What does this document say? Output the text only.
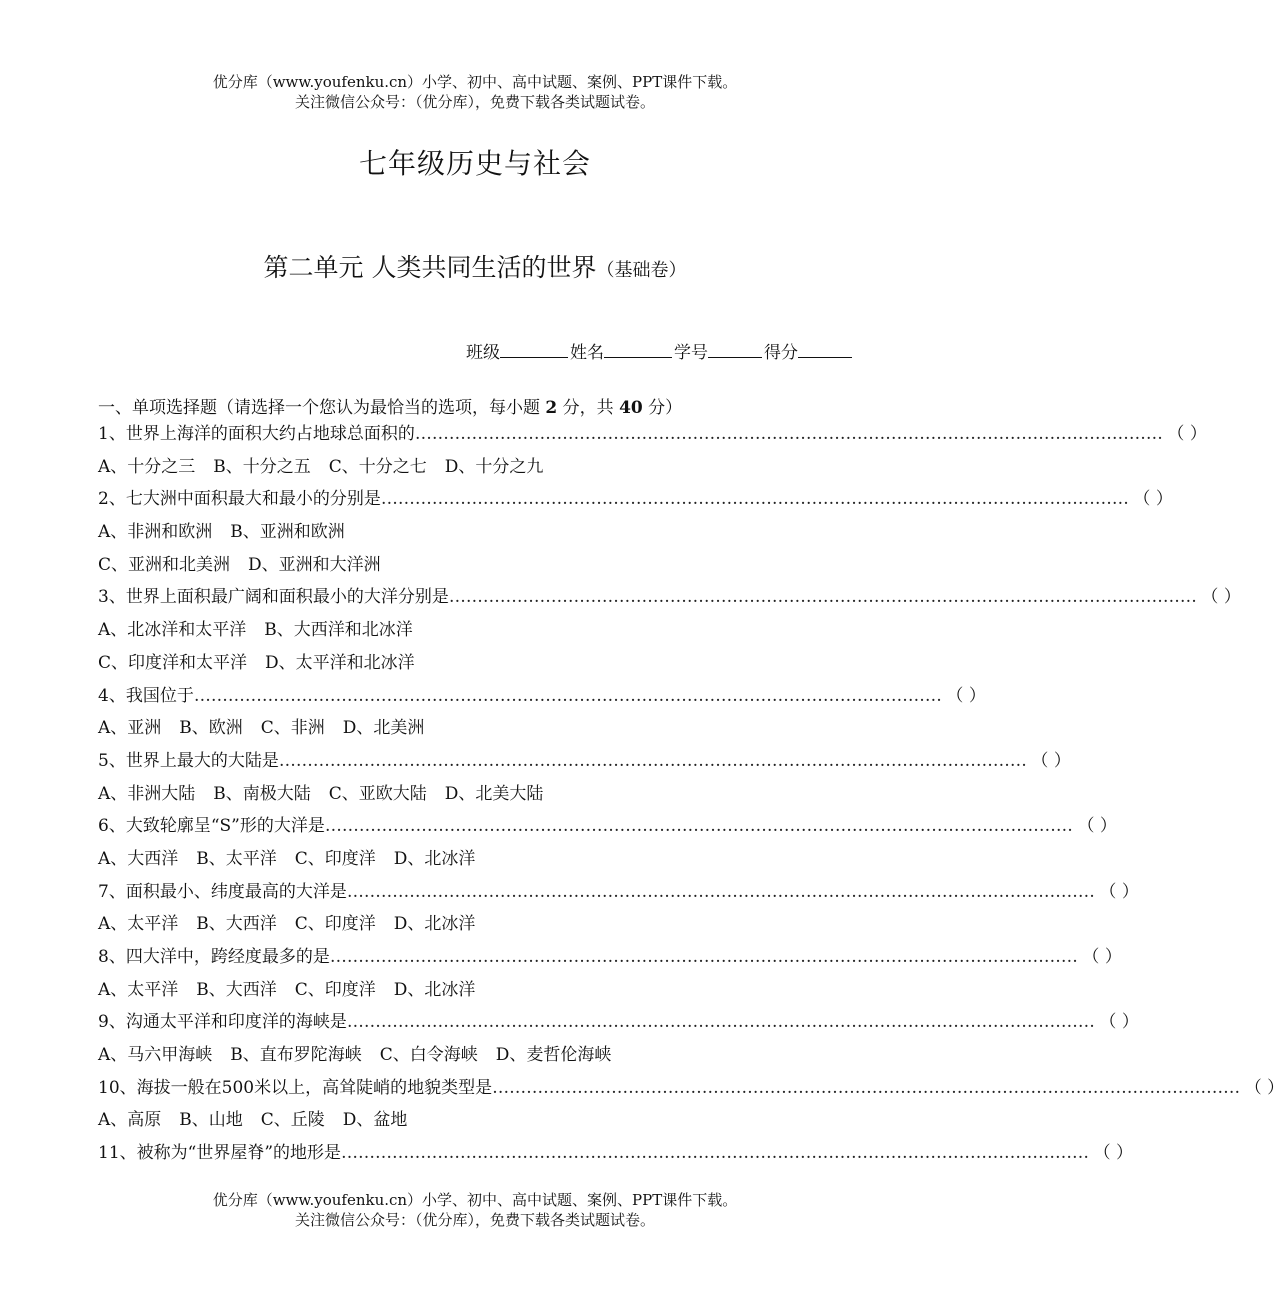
优分库（www.youfenku.cn）小学、初中、高中试题、案例、PPT课件下载。
关注微信公众号：（优分库），免费下载各类试题试卷。
七年级历史与社会
第二单元 人类共同生活的世界（基础卷）
班级	姓名	学号	得分
一、单项选择题（请选择一个您认为最恰当的选项，每小题 2 分，共 40 分）
1、世界上海洋的面积大约占地球总面积的 …………………………………………………………………………………………………………………… （ ）
A、十分之三 B、十分之五 C、十分之七 D、十分之九
2、七大洲中面积最大和最小的分别是 …………………………………………………………………………………………………………………… （ ）
A、非洲和欧洲 B、亚洲和欧洲
C、亚洲和北美洲 D、亚洲和大洋洲
3、世界上面积最广阔和面积最小的大洋分别是 …………………………………………………………………………………………………………………… （ ）
A、北冰洋和太平洋 B、大西洋和北冰洋
C、印度洋和太平洋 D、太平洋和北冰洋
4、我国位于 …………………………………………………………………………………………………………………… （ ）
A、亚洲 B、欧洲 C、非洲 D、北美洲
5、世界上最大的大陆是 …………………………………………………………………………………………………………………… （ ）
A、非洲大陆 B、南极大陆 C、亚欧大陆 D、北美大陆
6、大致轮廓呈“S”形的大洋是 …………………………………………………………………………………………………………………… （ ）
A、大西洋 B、太平洋 C、印度洋 D、北冰洋
7、面积最小、纬度最高的大洋是 …………………………………………………………………………………………………………………… （ ）
A、太平洋 B、大西洋 C、印度洋 D、北冰洋
8、四大洋中，跨经度最多的是 …………………………………………………………………………………………………………………… （ ）
A、太平洋 B、大西洋 C、印度洋 D、北冰洋
9、沟通太平洋和印度洋的海峡是 …………………………………………………………………………………………………………………… （ ）
A、马六甲海峡 B、直布罗陀海峡 C、白令海峡 D、麦哲伦海峡
10、海拔一般在500米以上，高耸陡峭的地貌类型是 …………………………………………………………………………………………………………………… （ ）
A、高原 B、山地 C、丘陵 D、盆地
11、被称为“世界屋脊”的地形是 …………………………………………………………………………………………………………………… （ ）
优分库（www.youfenku.cn）小学、初中、高中试题、案例、PPT课件下载。
关注微信公众号：（优分库），免费下载各类试题试卷。
